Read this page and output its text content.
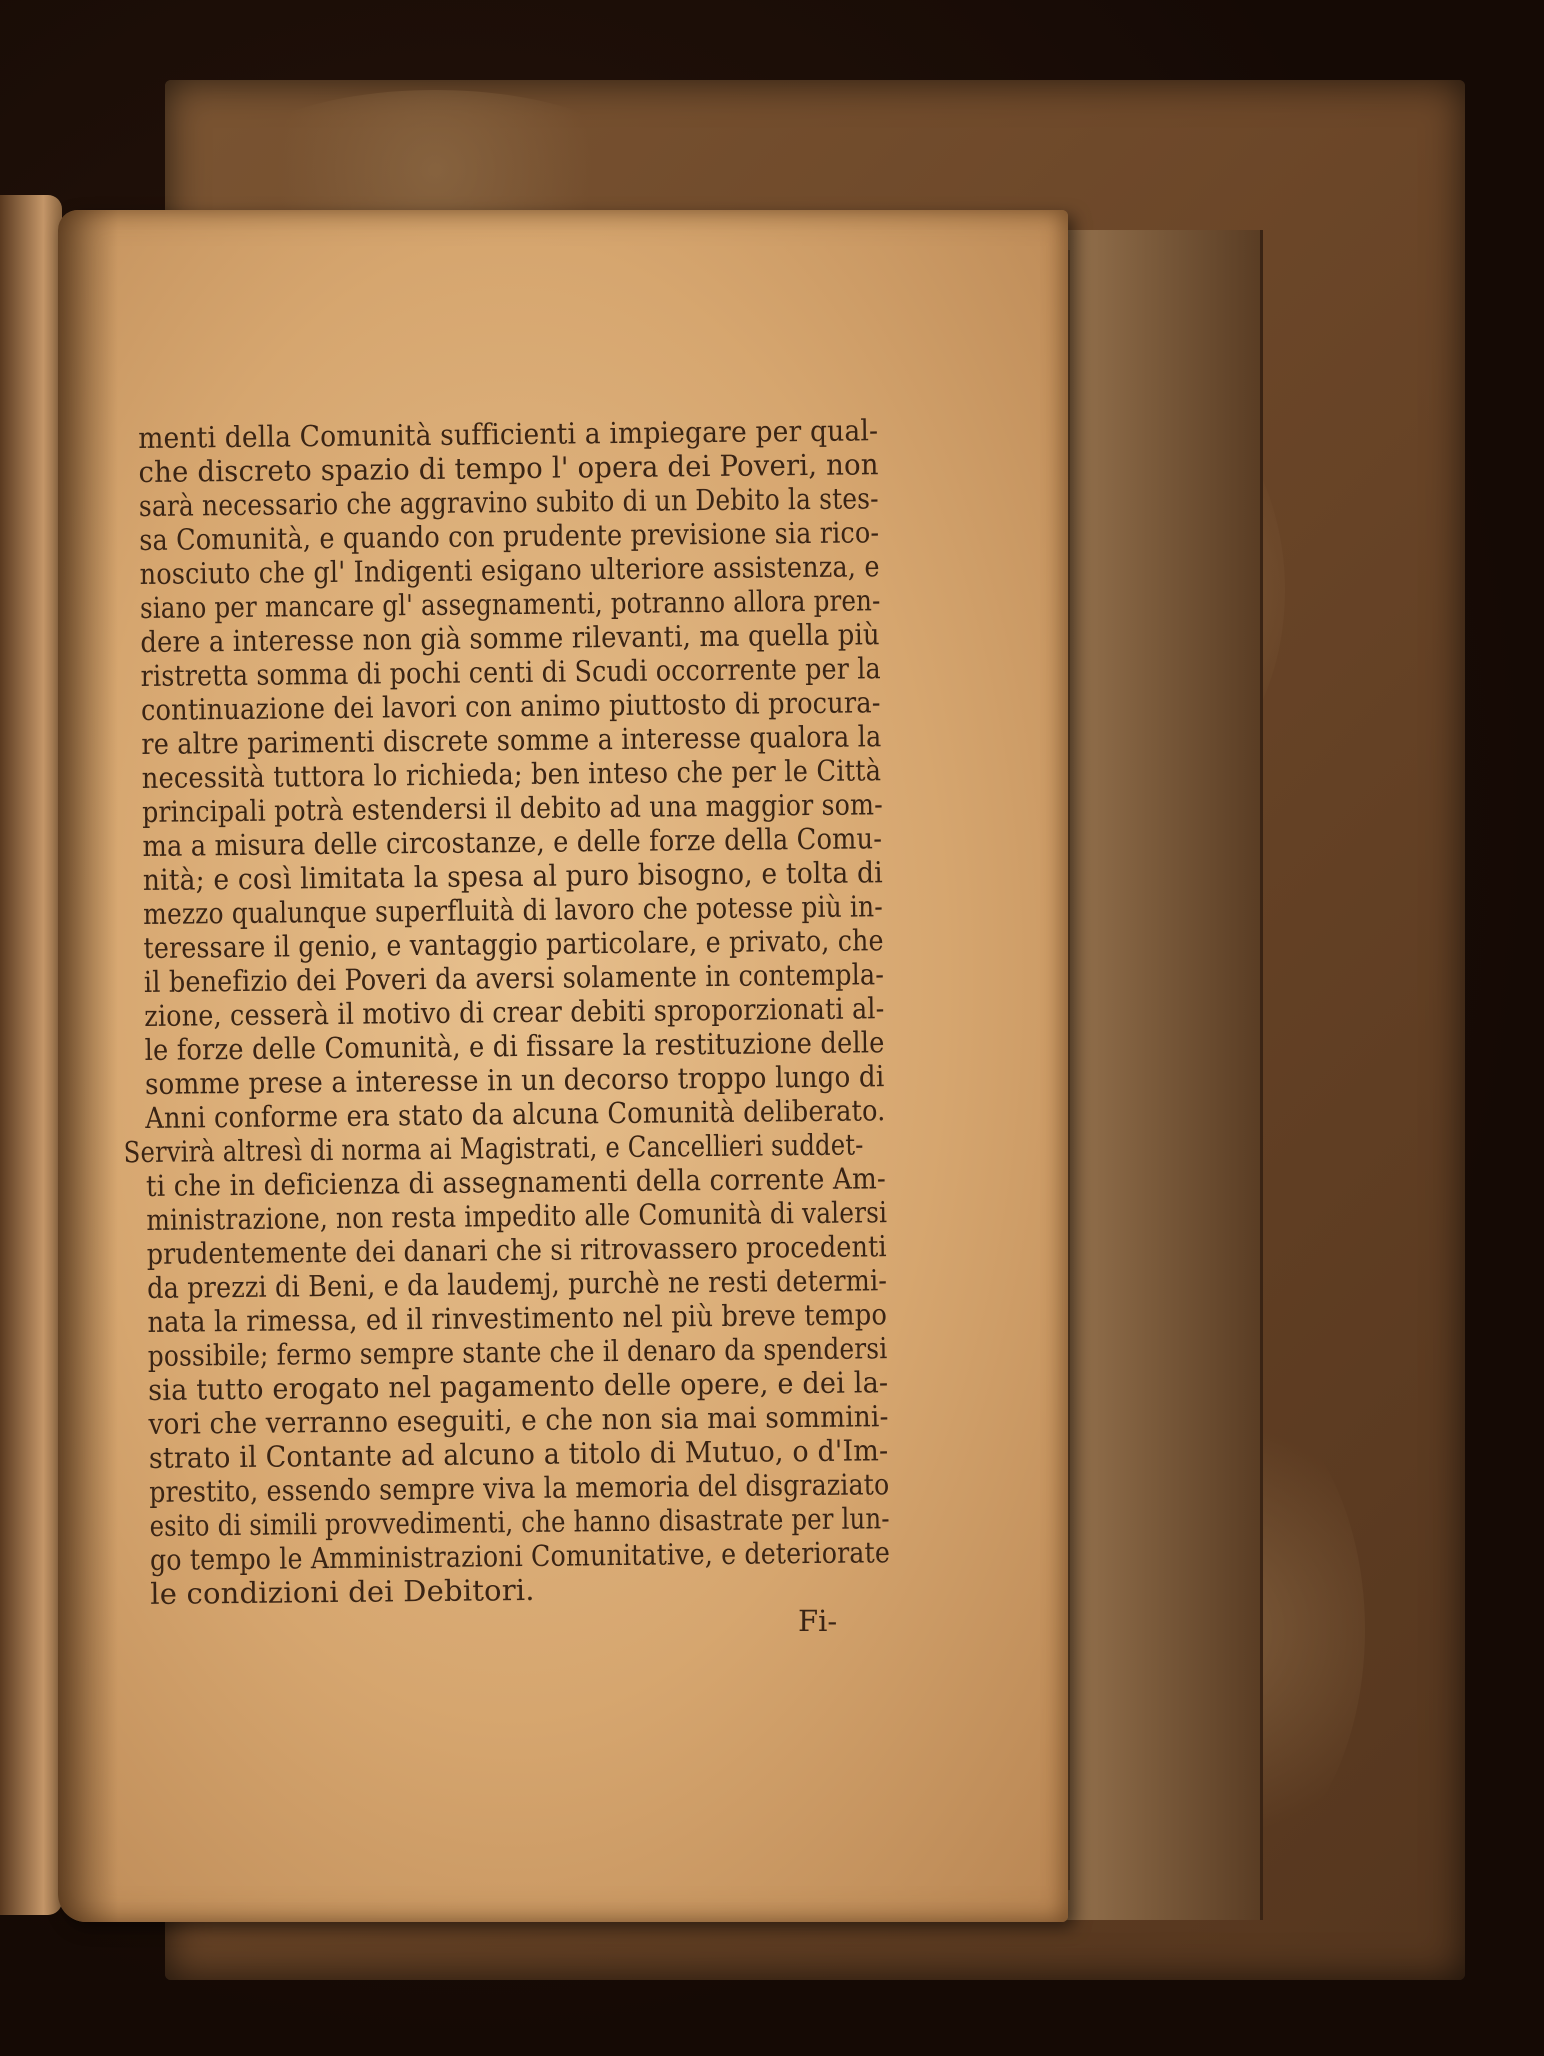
menti della Comunità sufficienti a impiegare per qual-
che discreto spazio di tempo l' opera dei Poveri, non
sarà necessario che aggravino subito di un Debito la stes-
sa Comunità, e quando con prudente previsione sia rico-
nosciuto che gl' Indigenti esigano ulteriore assistenza, e
siano per mancare gl' assegnamenti, potranno allora pren-
dere a interesse non già somme rilevanti, ma quella più
ristretta somma di pochi centi di Scudi occorrente per la
continuazione dei lavori con animo piuttosto di procura-
re altre parimenti discrete somme a interesse qualora la
necessità tuttora lo richieda; ben inteso che per le Città
principali potrà estendersi il debito ad una maggior som-
ma a misura delle circostanze, e delle forze della Comu-
nità; e così limitata la spesa al puro bisogno, e tolta di
mezzo qualunque superfluità di lavoro che potesse più in-
teressare il genio, e vantaggio particolare, e privato, che
il benefizio dei Poveri da aversi solamente in contempla-
zione, cesserà il motivo di crear debiti sproporzionati al-
le forze delle Comunità, e di fissare la restituzione delle
somme prese a interesse in un decorso troppo lungo di
Anni conforme era stato da alcuna Comunità deliberato.
Servirà altresì di norma ai Magistrati, e Cancellieri suddet-
ti che in deficienza di assegnamenti della corrente Am-
ministrazione, non resta impedito alle Comunità di valersi
prudentemente dei danari che si ritrovassero procedenti
da prezzi di Beni, e da laudemj, purchè ne resti determi-
nata la rimessa, ed il rinvestimento nel più breve tempo
possibile; fermo sempre stante che il denaro da spendersi
sia tutto erogato nel pagamento delle opere, e dei la-
vori che verranno eseguiti, e che non sia mai sommini-
strato il Contante ad alcuno a titolo di Mutuo, o d'Im-
prestito, essendo sempre viva la memoria del disgraziato
esito di simili provvedimenti, che hanno disastrate per lun-
go tempo le Amministrazioni Comunitative, e deteriorate
le condizioni dei Debitori.
Fi-
